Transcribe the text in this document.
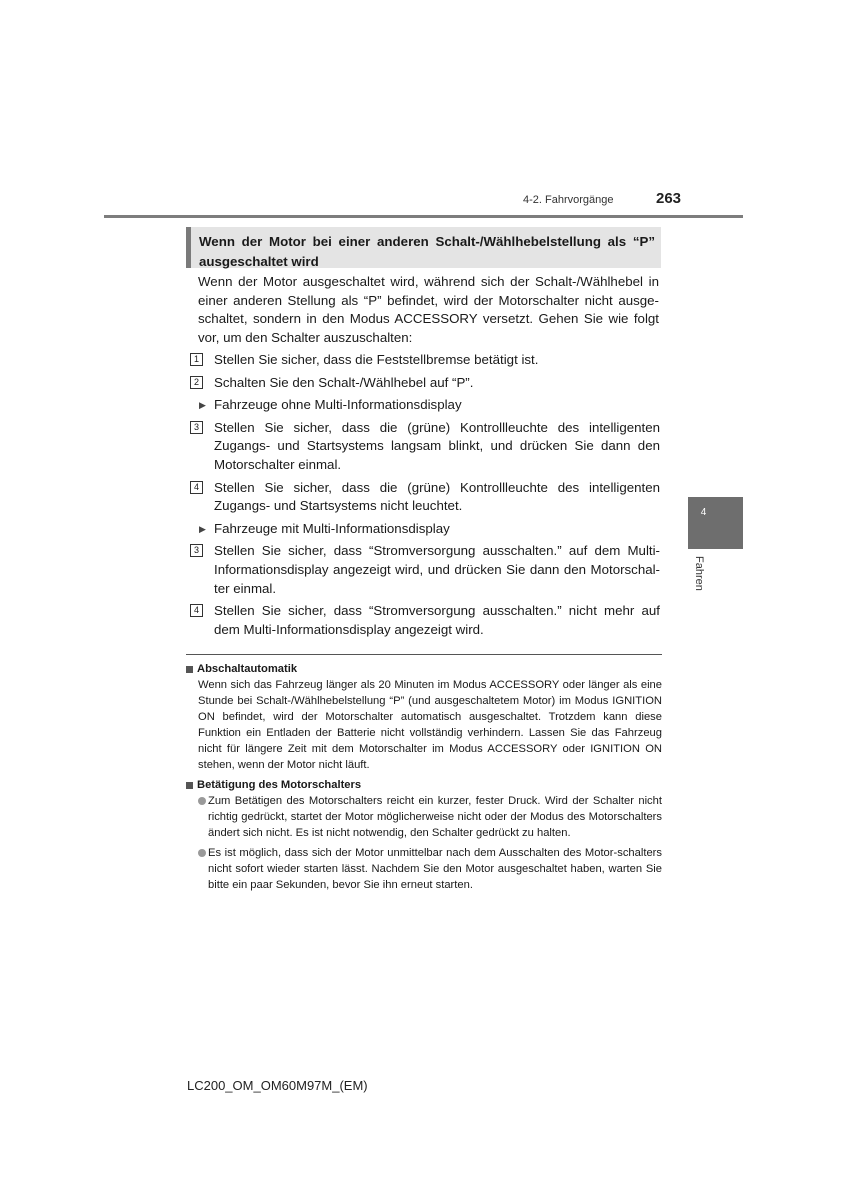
4-2. Fahrvorgänge	263
4
Fahren
Wenn der Motor bei einer anderen Schalt-/Wählhebelstellung als “P” ausgeschaltet wird
Wenn der Motor ausgeschaltet wird, während sich der Schalt-/Wählhebel in einer anderen Stellung als “P” befindet, wird der Motorschalter nicht ausge-schaltet, sondern in den Modus ACCESSORY versetzt. Gehen Sie wie folgt vor, um den Schalter auszuschalten:
1	Stellen Sie sicher, dass die Feststellbremse betätigt ist.
2	Schalten Sie den Schalt-/Wählhebel auf “P”.
▶ Fahrzeuge ohne Multi-Informationsdisplay
3	Stellen Sie sicher, dass die (grüne) Kontrollleuchte des intelligenten Zugangs- und Startsystems langsam blinkt, und drücken Sie dann den Motorschalter einmal.
4	Stellen Sie sicher, dass die (grüne) Kontrollleuchte des intelligenten Zugangs- und Startsystems nicht leuchtet.
▶ Fahrzeuge mit Multi-Informationsdisplay
3	Stellen Sie sicher, dass “Stromversorgung ausschalten.” auf dem Multi-Informationsdisplay angezeigt wird, und drücken Sie dann den Motorschal-ter einmal.
4	Stellen Sie sicher, dass “Stromversorgung ausschalten.” nicht mehr auf dem Multi-Informationsdisplay angezeigt wird.
Abschaltautomatik
Wenn sich das Fahrzeug länger als 20 Minuten im Modus ACCESSORY oder länger als eine Stunde bei Schalt-/Wählhebelstellung “P” (und ausgeschaltetem Motor) im Modus IGNITION ON befindet, wird der Motorschalter automatisch ausgeschaltet. Trotzdem kann diese Funktion ein Entladen der Batterie nicht vollständig verhindern. Lassen Sie das Fahrzeug nicht für längere Zeit mit dem Motorschalter im Modus ACCESSORY oder IGNITION ON stehen, wenn der Motor nicht läuft.
Betätigung des Motorschalters
Zum Betätigen des Motorschalters reicht ein kurzer, fester Druck. Wird der Schalter nicht richtig gedrückt, startet der Motor möglicherweise nicht oder der Modus des Motorschalters ändert sich nicht. Es ist nicht notwendig, den Schalter gedrückt zu halten.
Es ist möglich, dass sich der Motor unmittelbar nach dem Ausschalten des Motor-schalters nicht sofort wieder starten lässt. Nachdem Sie den Motor ausgeschaltet haben, warten Sie bitte ein paar Sekunden, bevor Sie ihn erneut starten.
LC200_OM_OM60M97M_(EM)
